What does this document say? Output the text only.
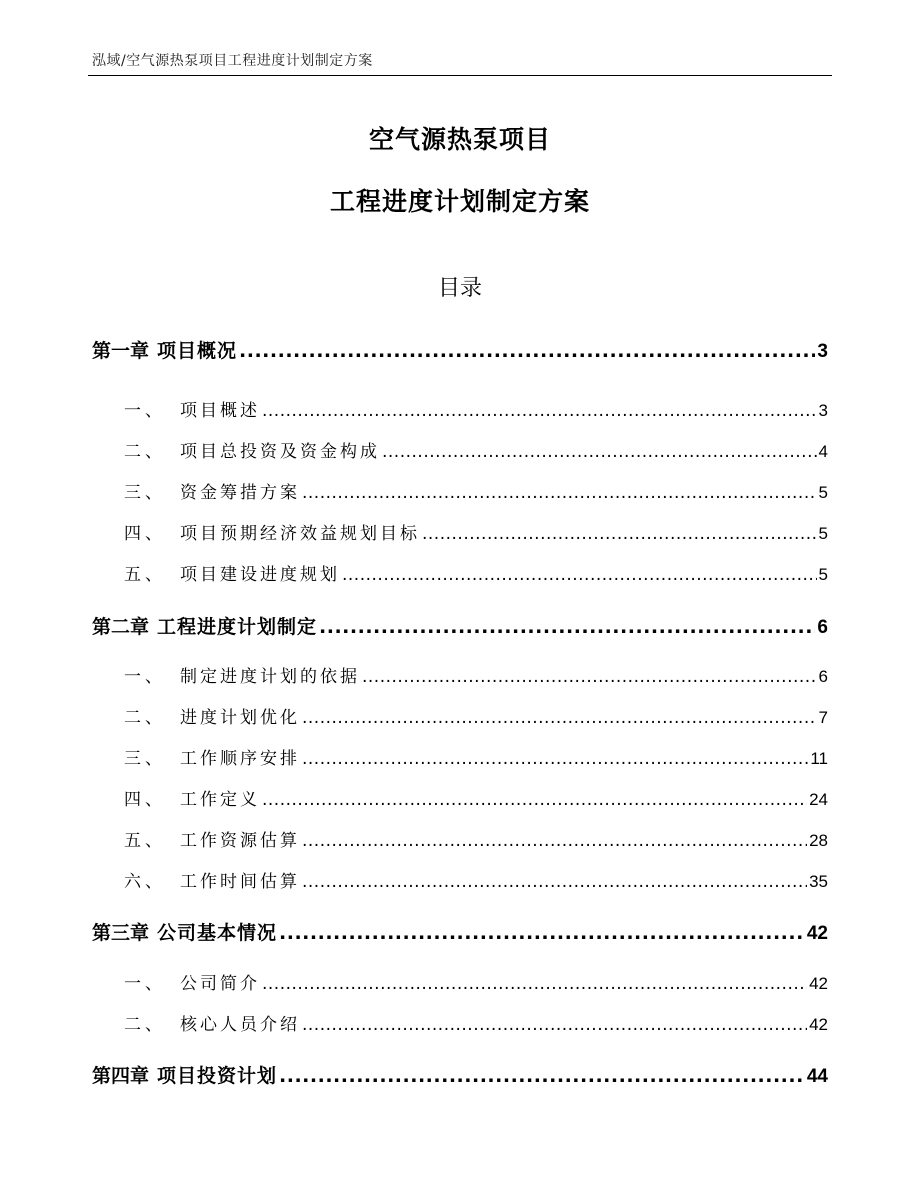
泓域/空气源热泵项目工程进度计划制定方案
空气源热泵项目
工程进度计划制定方案
目录
第一章 项目概况 .....	3
一、 项目概述 .....	3
二、 项目总投资及资金构成 .....	4
三、 资金筹措方案 .....	5
四、 项目预期经济效益规划目标 .....	5
五、 项目建设进度规划 .....	5
第二章 工程进度计划制定 .....	6
一、 制定进度计划的依据 .....	6
二、 进度计划优化 .....	7
三、 工作顺序安排 .....	11
四、 工作定义 .....	24
五、 工作资源估算 .....	28
六、 工作时间估算 .....	35
第三章 公司基本情况 .....	42
一、 公司简介 .....	42
二、 核心人员介绍 .....	42
第四章 项目投资计划 .....	44
